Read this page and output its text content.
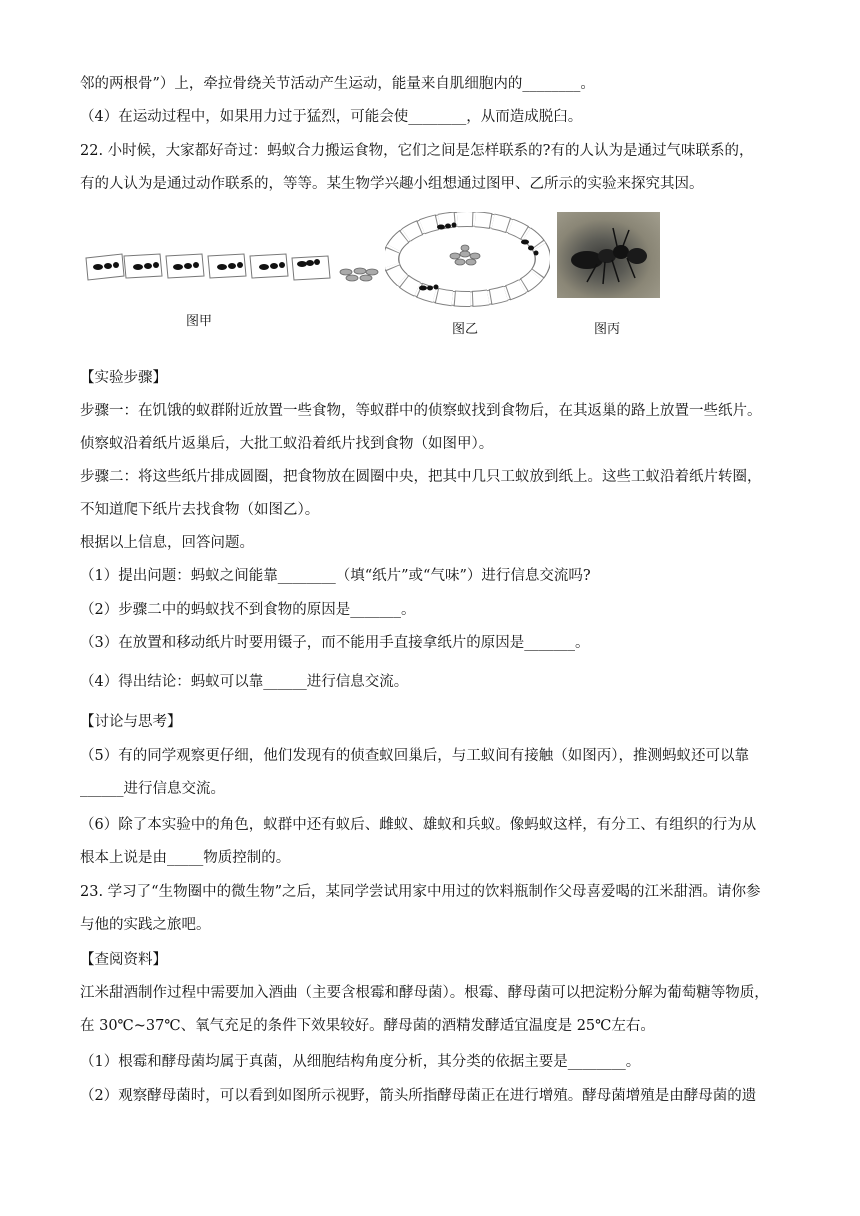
邻的两根骨”）上，牵拉骨绕关节活动产生运动，能量来自肌细胞内的________。
（4）在运动过程中，如果用力过于猛烈，可能会使________，从而造成脱臼。
22. 小时候，大家都好奇过：蚂蚁合力搬运食物，它们之间是怎样联系的?有的人认为是通过气味联系的，
有的人认为是通过动作联系的，等等。某生物学兴趣小组想通过图甲、乙所示的实验来探究其因。
图甲
图乙	图丙
【实验步骤】
步骤一：在饥饿的蚁群附近放置一些食物，等蚁群中的侦察蚁找到食物后，在其返巢的路上放置一些纸片。
侦察蚁沿着纸片返巢后，大批工蚁沿着纸片找到食物（如图甲）。
步骤二：将这些纸片排成圆圈，把食物放在圆圈中央，把其中几只工蚁放到纸上。这些工蚁沿着纸片转圈，
不知道爬下纸片去找食物（如图乙）。
根据以上信息，回答问题。
（1）提出问题：蚂蚁之间能靠________（填“纸片”或“气味”）进行信息交流吗?
（2）步骤二中的蚂蚁找不到食物的原因是_______。
（3）在放置和移动纸片时要用镊子，而不能用手直接拿纸片的原因是_______。
（4）得出结论：蚂蚁可以靠______进行信息交流。
【讨论与思考】
（5）有的同学观察更仔细，他们发现有的侦查蚁回巢后，与工蚁间有接触（如图丙），推测蚂蚁还可以靠
______进行信息交流。
（6）除了本实验中的角色，蚁群中还有蚁后、雌蚁、雄蚁和兵蚁。像蚂蚁这样，有分工、有组织的行为从
根本上说是由_____物质控制的。
23. 学习了“生物圈中的微生物”之后，某同学尝试用家中用过的饮料瓶制作父母喜爱喝的江米甜酒。请你参
与他的实践之旅吧。
【查阅资料】
江米甜酒制作过程中需要加入酒曲（主要含根霉和酵母菌）。根霉、酵母菌可以把淀粉分解为葡萄糖等物质，
在 30℃~37℃、氧气充足的条件下效果较好。酵母菌的酒精发酵适宜温度是 25℃左右。
（1）根霉和酵母菌均属于真菌，从细胞结构角度分析，其分类的依据主要是________。
（2）观察酵母菌时，可以看到如图所示视野，箭头所指酵母菌正在进行增殖。酵母菌增殖是由酵母菌的遗
